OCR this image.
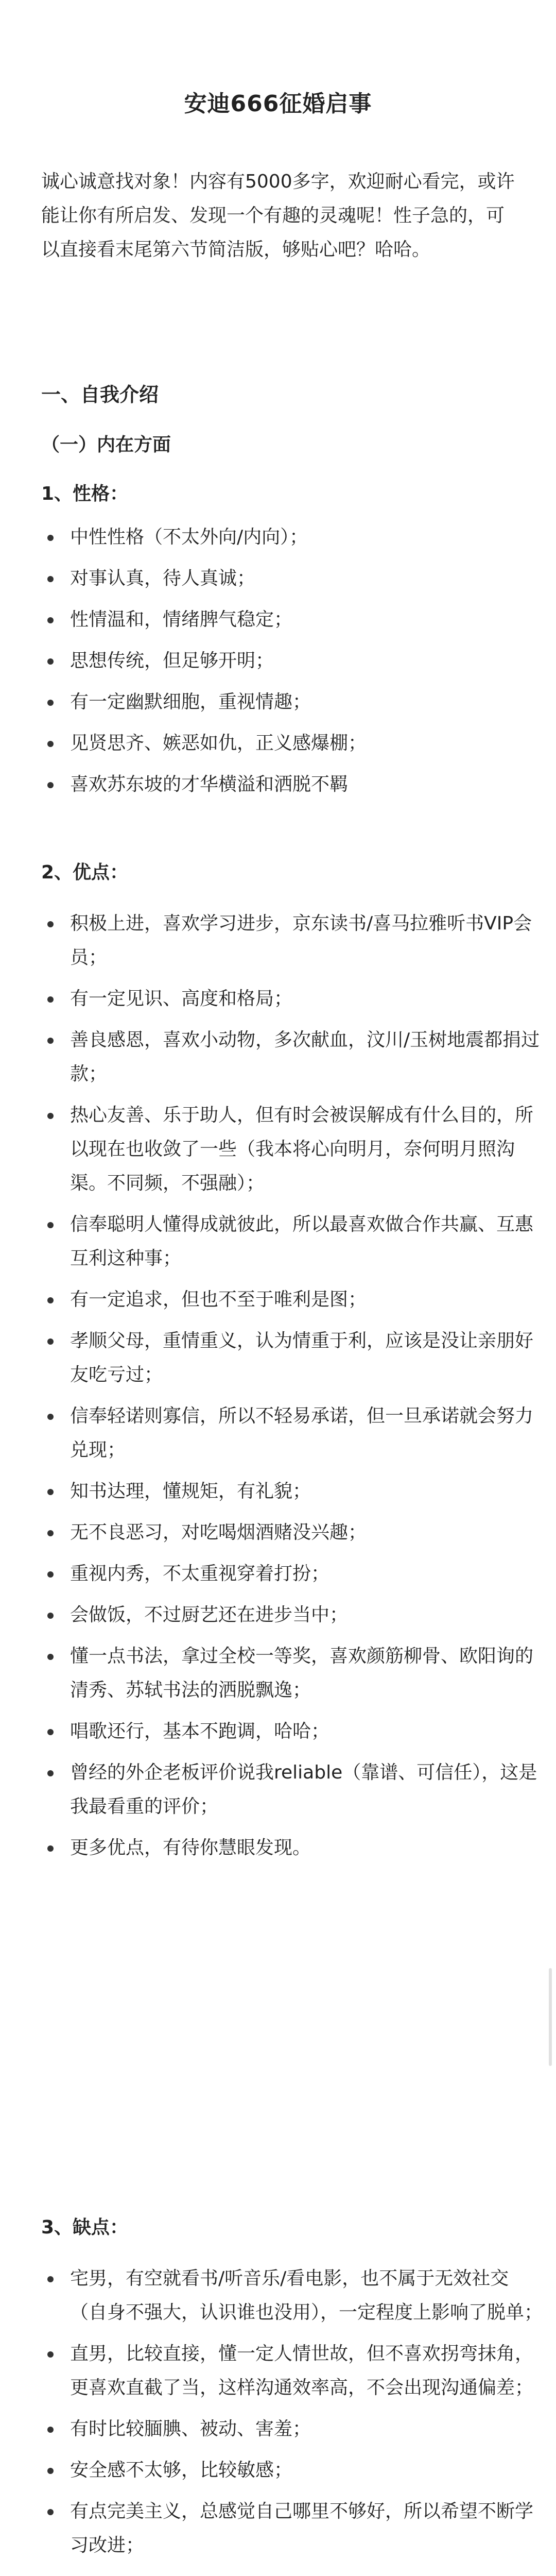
安迪666征婚启事
诚心诚意找对象！内容有5000多字，欢迎耐心看完，或许能让你有所启发、发现一个有趣的灵魂呢！性子急的，可以直接看末尾第六节简洁版，够贴心吧？哈哈。
一、自我介绍
（一）内在方面
1、性格：
中性性格（不太外向/内向）；
对事认真，待人真诚；
性情温和，情绪脾气稳定；
思想传统，但足够开明；
有一定幽默细胞，重视情趣；
见贤思齐、嫉恶如仇，正义感爆棚；
喜欢苏东坡的才华横溢和洒脱不羁
2、优点：
积极上进，喜欢学习进步，京东读书/喜马拉雅听书VIP会员；
有一定见识、高度和格局；
善良感恩，喜欢小动物，多次献血，汶川/玉树地震都捐过款；
热心友善、乐于助人，但有时会被误解成有什么目的，所以现在也收敛了一些（我本将心向明月，奈何明月照沟渠。不同频，不强融）；
信奉聪明人懂得成就彼此，所以最喜欢做合作共赢、互惠互利这种事；
有一定追求，但也不至于唯利是图；
孝顺父母，重情重义，认为情重于利，应该是没让亲朋好友吃亏过；
信奉轻诺则寡信，所以不轻易承诺，但一旦承诺就会努力兑现；
知书达理，懂规矩，有礼貌；
无不良恶习，对吃喝烟酒赌没兴趣；
重视内秀，不太重视穿着打扮；
会做饭，不过厨艺还在进步当中；
懂一点书法，拿过全校一等奖，喜欢颜筋柳骨、欧阳询的清秀、苏轼书法的洒脱飘逸；
唱歌还行，基本不跑调，哈哈；
曾经的外企老板评价说我reliable（靠谱、可信任），这是我最看重的评价；
更多优点，有待你慧眼发现。
3、缺点：
宅男，有空就看书/听音乐/看电影，也不属于无效社交（自身不强大，认识谁也没用），一定程度上影响了脱单；
直男，比较直接，懂一定人情世故，但不喜欢拐弯抹角，更喜欢直截了当，这样沟通效率高，不会出现沟通偏差；
有时比较腼腆、被动、害羞；
安全感不太够，比较敏感；
有点完美主义，总感觉自己哪里不够好，所以希望不断学习改进；
